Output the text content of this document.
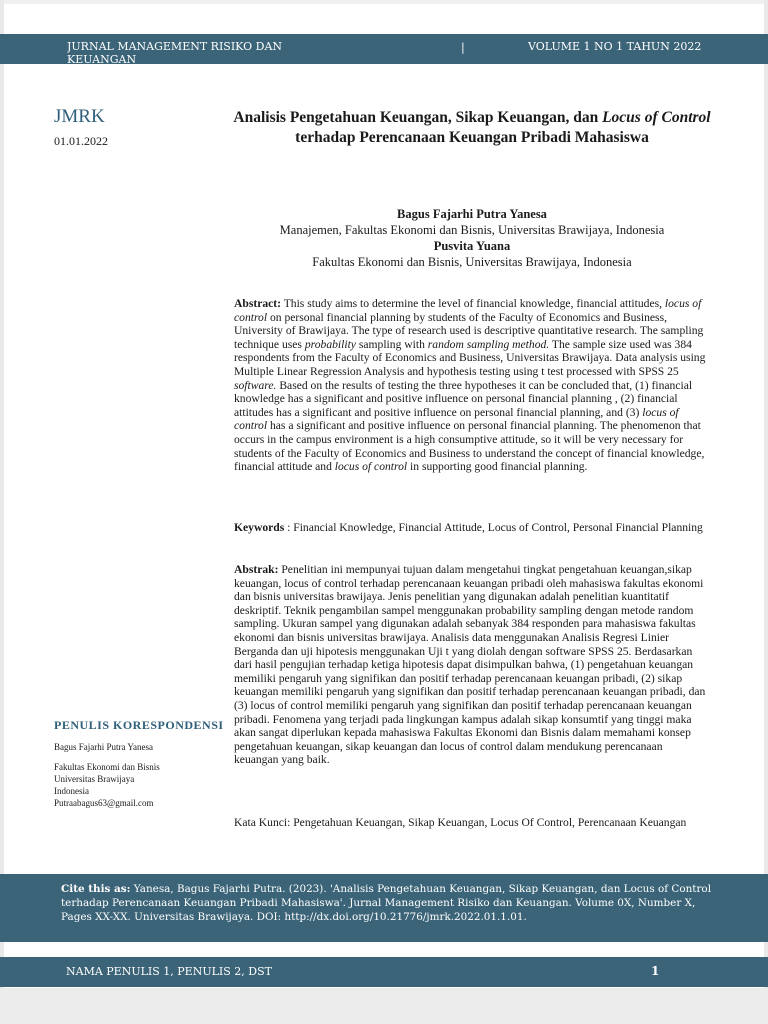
JURNAL MANAGEMENT RISIKO DAN KEUANGAN
|	VOLUME 1 NO 1 TAHUN 2022
JMRK
01.01.2022
Analisis Pengetahuan Keuangan, Sikap Keuangan, dan Locus of Control terhadap Perencanaan Keuangan Pribadi Mahasiswa
Bagus Fajarhi Putra Yanesa
Manajemen, Fakultas Ekonomi dan Bisnis, Universitas Brawijaya, Indonesia
Pusvita Yuana
Fakultas Ekonomi dan Bisnis, Universitas Brawijaya, Indonesia
Abstract: This study aims to determine the level of financial knowledge, financial attitudes, locus of control on personal financial planning by students of the Faculty of Economics and Business, University of Brawijaya. The type of research used is descriptive quantitative research. The sampling technique uses probability sampling with random sampling method. The sample size used was 384 respondents from the Faculty of Economics and Business, Universitas Brawijaya. Data analysis using Multiple Linear Regression Analysis and hypothesis testing using t test processed with SPSS 25 software. Based on the results of testing the three hypotheses it can be concluded that, (1) financial knowledge has a significant and positive influence on personal financial planning , (2) financial attitudes has a significant and positive influence on personal financial planning, and (3) locus of control has a significant and positive influence on personal financial planning. The phenomenon that occurs in the campus environment is a high consumptive attitude, so it will be very necessary for students of the Faculty of Economics and Business to understand the concept of financial knowledge, financial attitude and locus of control in supporting good financial planning.
Keywords : Financial Knowledge, Financial Attitude, Locus of Control, Personal Financial Planning
Abstrak: Penelitian ini mempunyai tujuan dalam mengetahui tingkat pengetahuan keuangan,sikap keuangan, locus of control terhadap perencanaan keuangan pribadi oleh mahasiswa fakultas ekonomi dan bisnis universitas brawijaya. Jenis penelitian yang digunakan adalah penelitian kuantitatif deskriptif. Teknik pengambilan sampel menggunakan probability sampling dengan metode random sampling. Ukuran sampel yang digunakan adalah sebanyak 384 responden para mahasiswa fakultas ekonomi dan bisnis universitas brawijaya. Analisis data menggunakan Analisis Regresi Linier Berganda dan uji hipotesis menggunakan Uji t yang diolah dengan software SPSS 25. Berdasarkan dari hasil pengujian terhadap ketiga hipotesis dapat disimpulkan bahwa, (1) pengetahuan keuangan memiliki pengaruh yang signifikan dan positif terhadap perencanaan keuangan pribadi, (2) sikap keuangan memiliki pengaruh yang signifikan dan positif terhadap perencanaan keuangan pribadi, dan (3) locus of control memiliki pengaruh yang signifikan dan positif terhadap perencanaan keuangan pribadi. Fenomena yang terjadi pada lingkungan kampus adalah sikap konsumtif yang tinggi maka akan sangat diperlukan kepada mahasiswa Fakultas Ekonomi dan Bisnis dalam memahami konsep pengetahuan keuangan, sikap keuangan dan locus of control dalam mendukung perencanaan keuangan yang baik.
Kata Kunci: Pengetahuan Keuangan, Sikap Keuangan, Locus Of Control, Perencanaan Keuangan
PENULIS KORESPONDENSI
Bagus Fajarhi Putra Yanesa
Fakultas Ekonomi dan Bisnis
Universitas Brawijaya
Indonesia
Putraabagus63@gmail.com
Cite this as: Yanesa, Bagus Fajarhi Putra. (2023). 'Analisis Pengetahuan Keuangan, Sikap Keuangan, dan Locus of Control terhadap Perencanaan Keuangan Pribadi Mahasiswa'. Jurnal Management Risiko dan Keuangan. Volume 0X, Number X, Pages XX-XX. Universitas Brawijaya. DOI: http://dx.doi.org/10.21776/jmrk.2022.01.1.01.
NAMA PENULIS 1, PENULIS 2, DST	1
